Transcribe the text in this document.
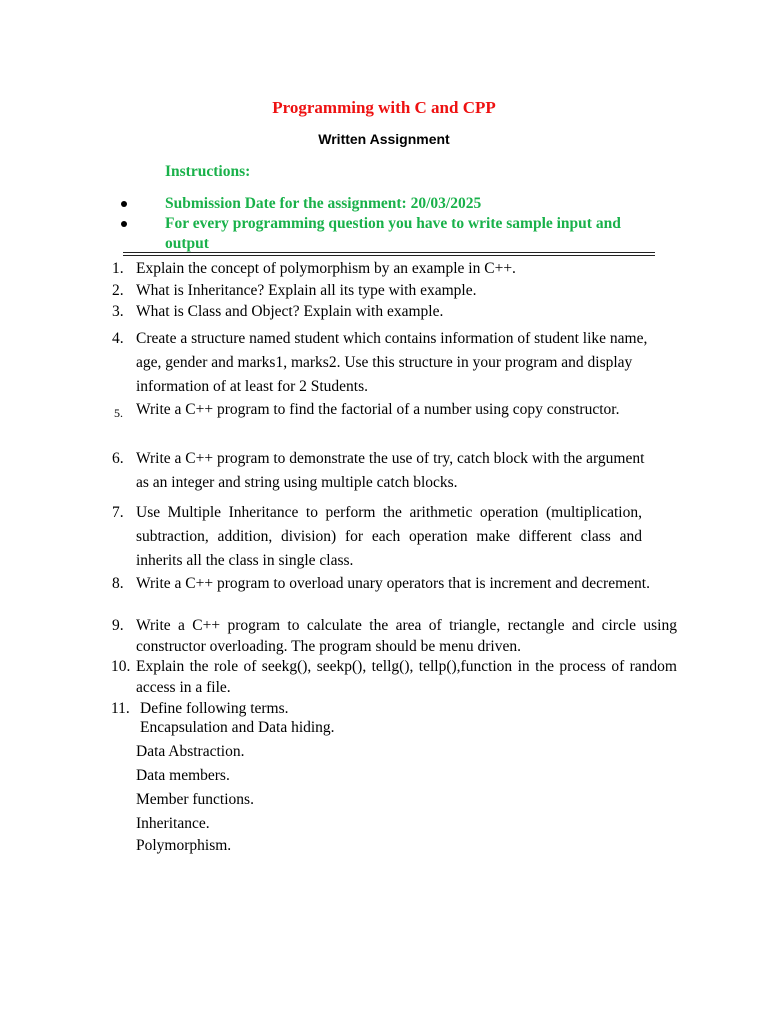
Programming with C and CPP
Written Assignment
Instructions:
Submission Date for the assignment: 20/03/2025
For every programming question you have to write sample input and output
1. Explain the concept of polymorphism by an example in C++.
2. What is Inheritance? Explain all its type with example.
3. What is Class and Object? Explain with example.
4. Create a structure named student which contains information of student like name, age, gender and marks1, marks2. Use this structure in your program and display information of at least for 2 Students.
5. Write a C++ program to find the factorial of a number using copy constructor.
6. Write a C++ program to demonstrate the use of try, catch block with the argument as an integer and string using multiple catch blocks.
7. Use Multiple Inheritance to perform the arithmetic operation (multiplication, subtraction, addition, division) for each operation make different class and inherits all the class in single class.
8. Write a C++ program to overload unary operators that is increment and decrement.
9. Write a C++ program to calculate the area of triangle, rectangle and circle using constructor overloading. The program should be menu driven.
10. Explain the role of seekg(), seekp(), tellg(), tellp(),function in the process of random access in a file.
11. Define following terms.
Encapsulation and Data hiding.
Data Abstraction.
Data members.
Member functions.
Inheritance.
Polymorphism.
